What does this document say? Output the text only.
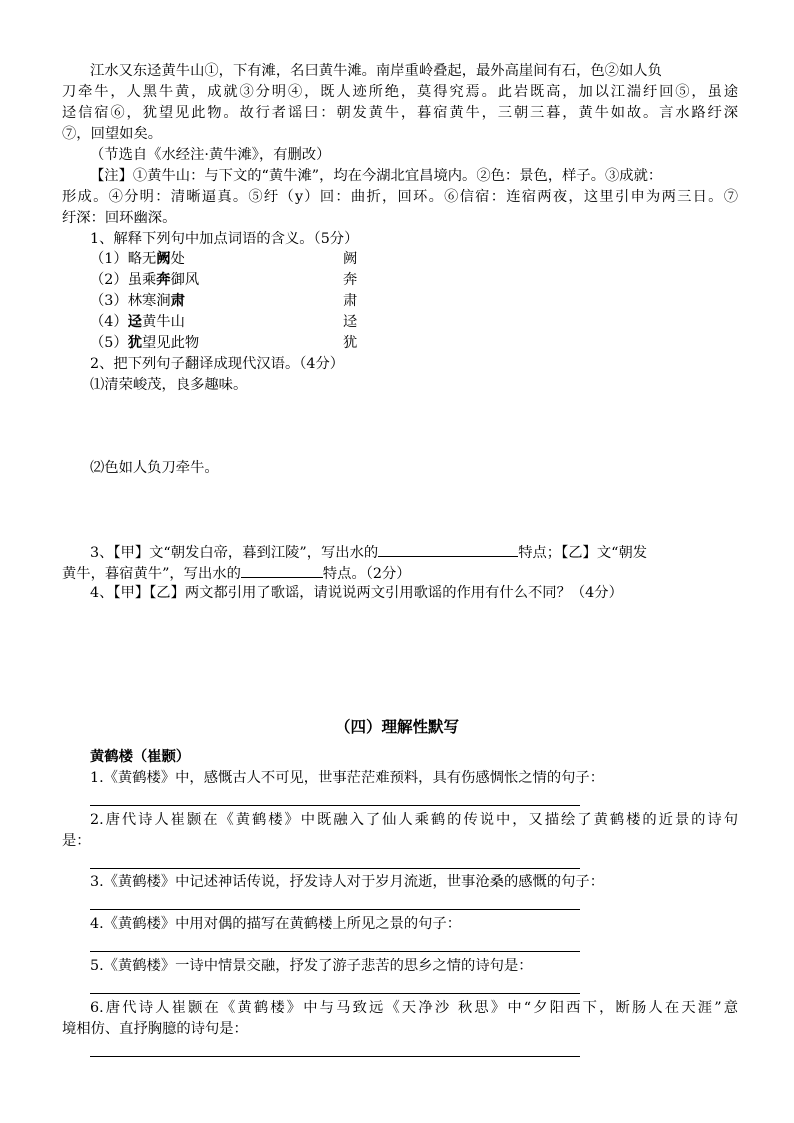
江水又东迳黄牛山①，下有滩，名曰黄牛滩。南岸重岭叠起，最外高崖间有石，色②如人负

刀牵牛，人黑牛黄，成就③分明④，既人迹所绝，莫得究焉。此岩既高，加以江湍纡回⑤，虽途

迳信宿⑥，犹望见此物。故行者谣曰：朝发黄牛，暮宿黄牛，三朝三暮，黄牛如故。言水路纡深

⑦，回望如矣。

（节选自《水经注·黄牛滩》，有删改）

【注】①黄牛山：与下文的“黄牛滩”，均在今湖北宜昌境内。②色：景色，样子。③成就：

形成。④分明：清晰逼真。⑤纡（y）回：曲折，回环。⑥信宿：连宿两夜，这里引申为两三日。⑦

纡深：回环幽深。

1、解释下列句中加点词语的含义。（5分）

（1）略无阙处	阙

（2）虽乘奔御风	奔

（3）林寒涧肃	肃

（4）迳黄牛山	迳

（5）犹望见此物	犹

2、把下列句子翻译成现代汉语。（4分）

⑴清荣峻茂，良多趣味。

⑵色如人负刀牵牛。

3、【甲】文“朝发白帝，暮到江陵”，写出水的	特点；【乙】文“朝发

黄牛，暮宿黄牛”，写出水的	特点。（2分）

4、【甲】【乙】两文都引用了歌谣，请说说两文引用歌谣的作用有什么不同？（4分）

（四）理解性默写

黄鹤楼（崔颢）

1.《黄鹤楼》中，感慨古人不可见，世事茫茫难预料，具有伤感惆怅之情的句子：

2.唐代诗人崔颢在《黄鹤楼》中既融入了仙人乘鹤的传说中，又描绘了黄鹤楼的近景的诗句

是：

3.《黄鹤楼》中记述神话传说，抒发诗人对于岁月流逝，世事沧桑的感慨的句子：

4.《黄鹤楼》中用对偶的描写在黄鹤楼上所见之景的句子：

5.《黄鹤楼》一诗中情景交融，抒发了游子悲苦的思乡之情的诗句是：

6.唐代诗人崔颢在《黄鹤楼》中与马致远《天净沙 秋思》中“夕阳西下，断肠人在天涯”意

境相仿、直抒胸臆的诗句是：
